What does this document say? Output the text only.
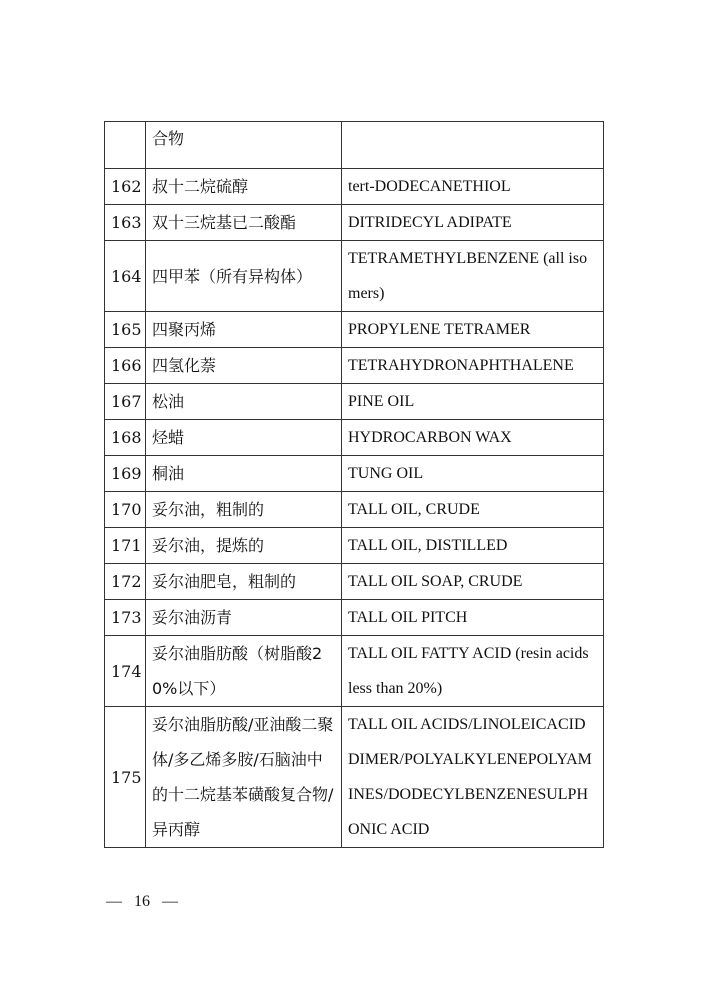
	合物	
162	叔十二烷硫醇	tert-DODECANETHIOL
163	双十三烷基已二酸酯	DITRIDECYL ADIPATE
164	四甲苯（所有异构体）	TETRAMETHYLBENZENE (all isomers)
165	四聚丙烯	PROPYLENE TETRAMER
166	四氢化萘	TETRAHYDRONAPHTHALENE
167	松油	PINE OIL
168	烃蜡	HYDROCARBON WAX
169	桐油	TUNG OIL
170	妥尔油，粗制的	TALL OIL, CRUDE
171	妥尔油，提炼的	TALL OIL, DISTILLED
172	妥尔油肥皂，粗制的	TALL OIL SOAP, CRUDE
173	妥尔油沥青	TALL OIL PITCH
174	妥尔油脂肪酸（树脂酸20%以下）	TALL OIL FATTY ACID (resin acids less than 20%)
175	妥尔油脂肪酸/亚油酸二聚体/多乙烯多胺/石脑油中的十二烷基苯磺酸复合物/异丙醇	TALL OIL ACIDS/LINOLEICACIDDIMER/POLYALKYLENEPOLYAMINES/DODECYLBENZENESULPHONIC ACID
—   16   —
